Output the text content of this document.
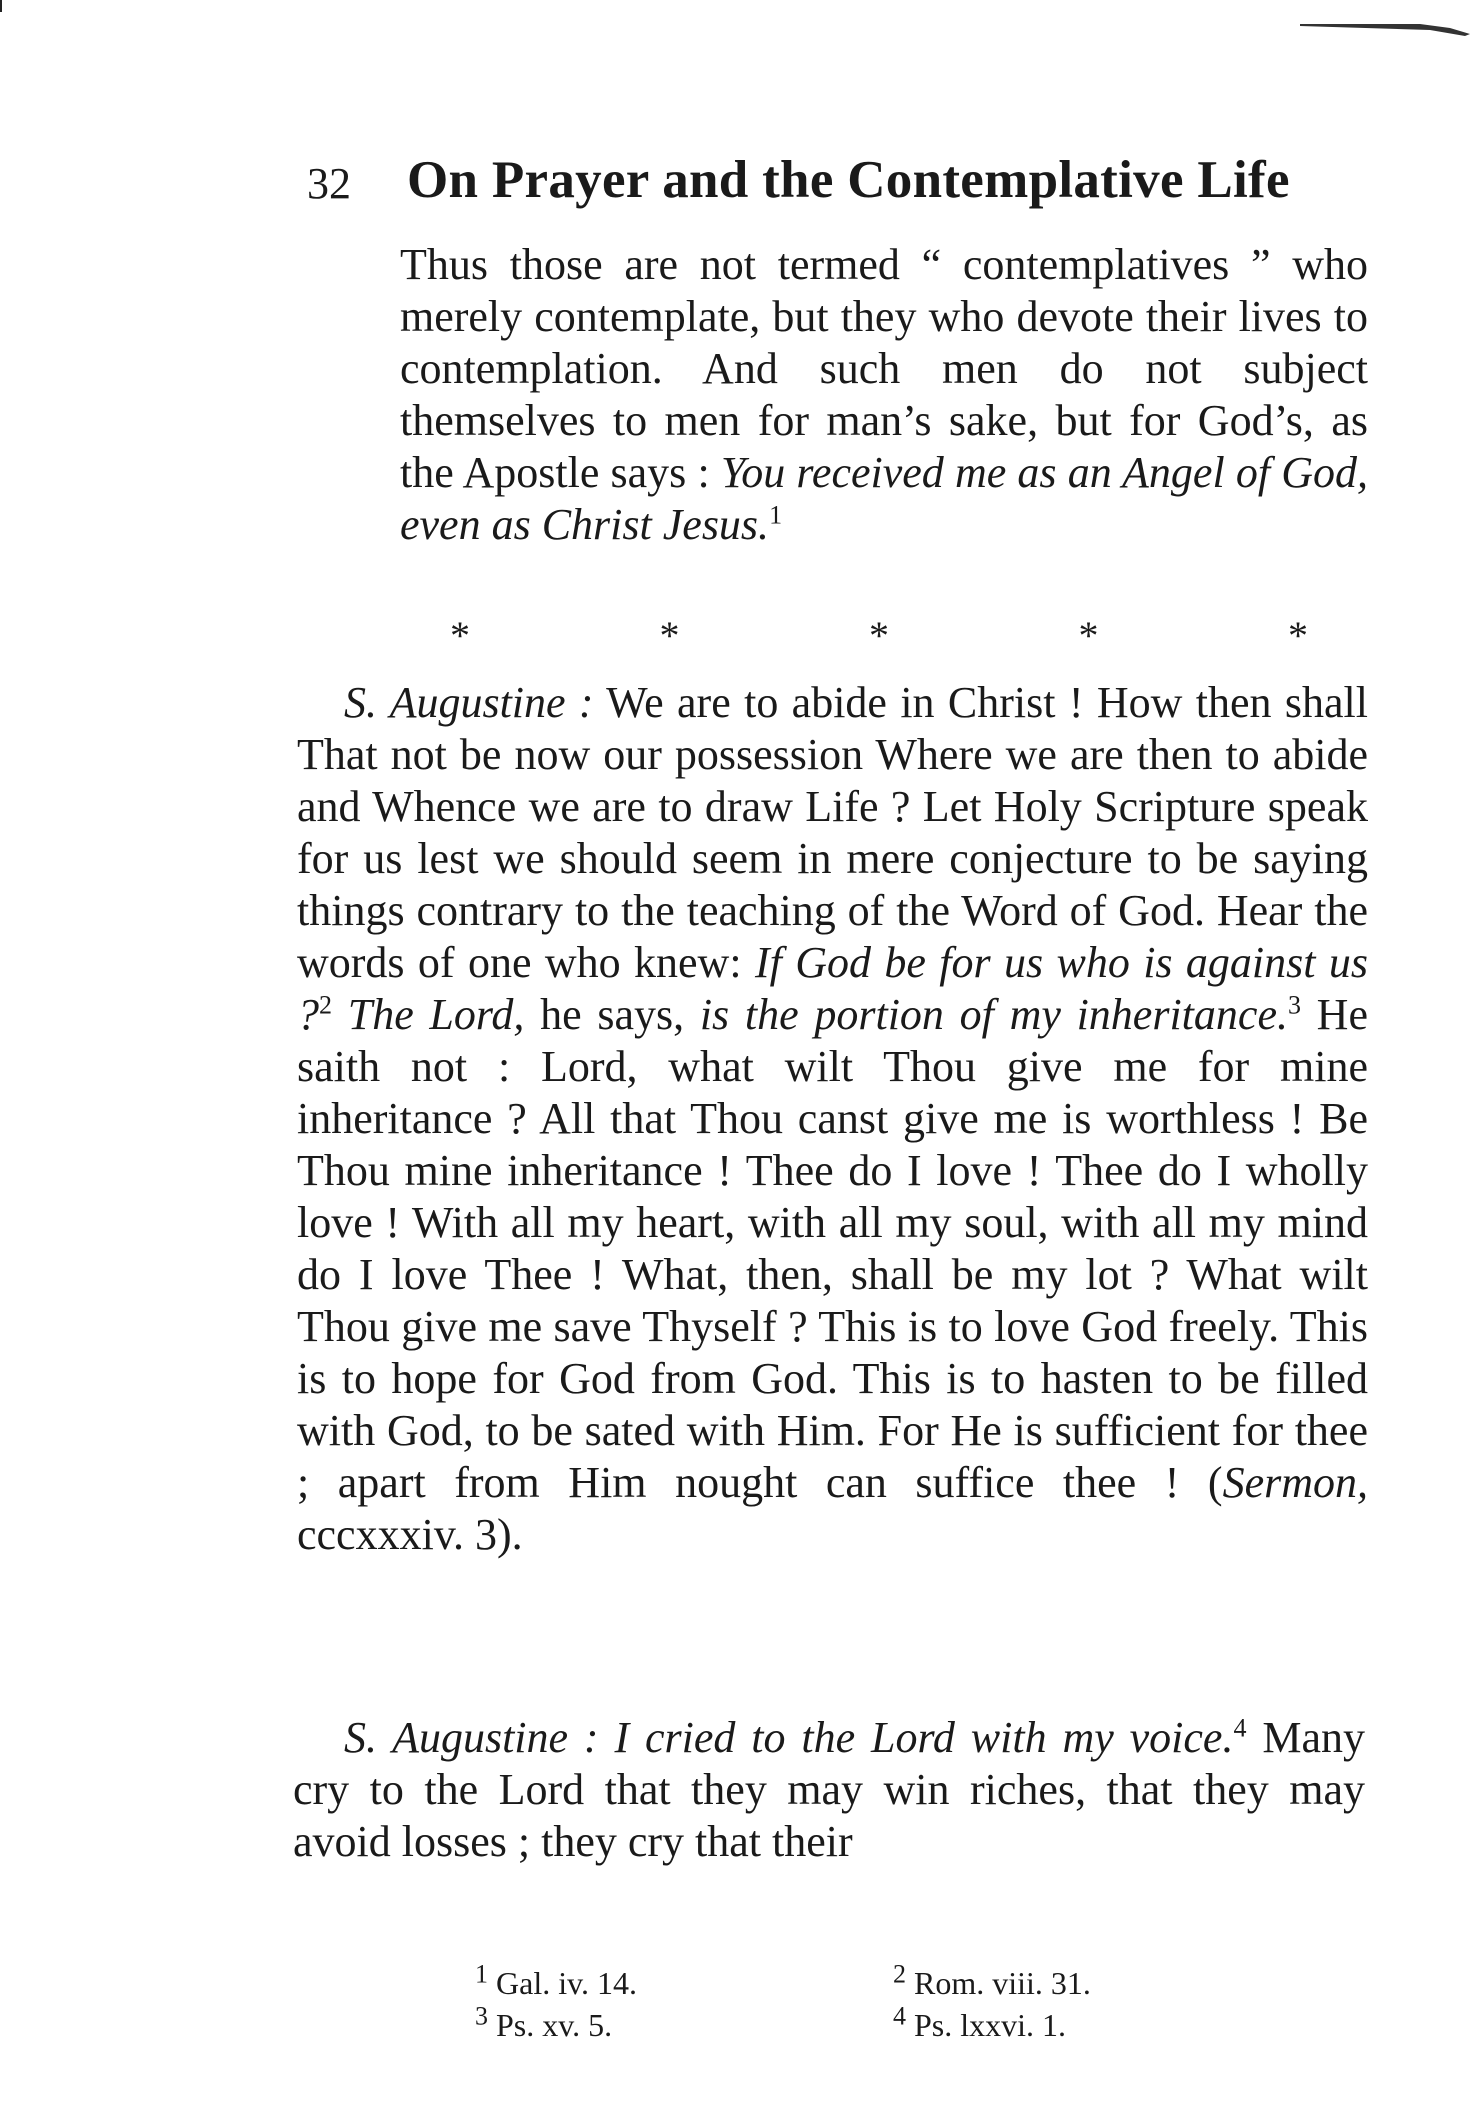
32 On Prayer and the Contemplative Life

Thus those are not termed “ contemplatives ” who merely contemplate, but they who devote their lives to contemplation. And such men do not subject themselves to men for man’s sake, but for God’s, as the Apostle says : You received me as an Angel of God, even as Christ Jesus.$^1$

*	*	*	*	*

S. Augustine : We are to abide in Christ ! How then shall That not be now our possession Where we are then to abide and Whence we are to draw Life ? Let Holy Scripture speak for us lest we should seem in mere conjecture to be saying things contrary to the teaching of the Word of God. Hear the words of one who knew: If God be for us who is against us ?$^2$ The Lord, he says, is the portion of my inheritance.$^3$ He saith not : Lord, what wilt Thou give me for mine inheritance ? All that Thou canst give me is worthless ! Be Thou mine inheritance ! Thee do I love ! Thee do I wholly love ! With all my heart, with all my soul, with all my mind do I love Thee ! What, then, shall be my lot ? What wilt Thou give me save Thyself ? This is to love God freely. This is to hope for God from God. This is to hasten to be filled with God, to be sated with Him. For He is sufficient for thee ; apart from Him nought can suffice thee ! (Sermon, cccxxxiv. 3).

S. Augustine : I cried to the Lord with my voice.$^4$ Many cry to the Lord that they may win riches, that they may avoid losses ; they cry that their

$^1$ Gal. iv. 14.	$^2$ Rom. viii. 31.
$^3$ Ps. xv. 5.	$^4$ Ps. lxxvi. 1.
